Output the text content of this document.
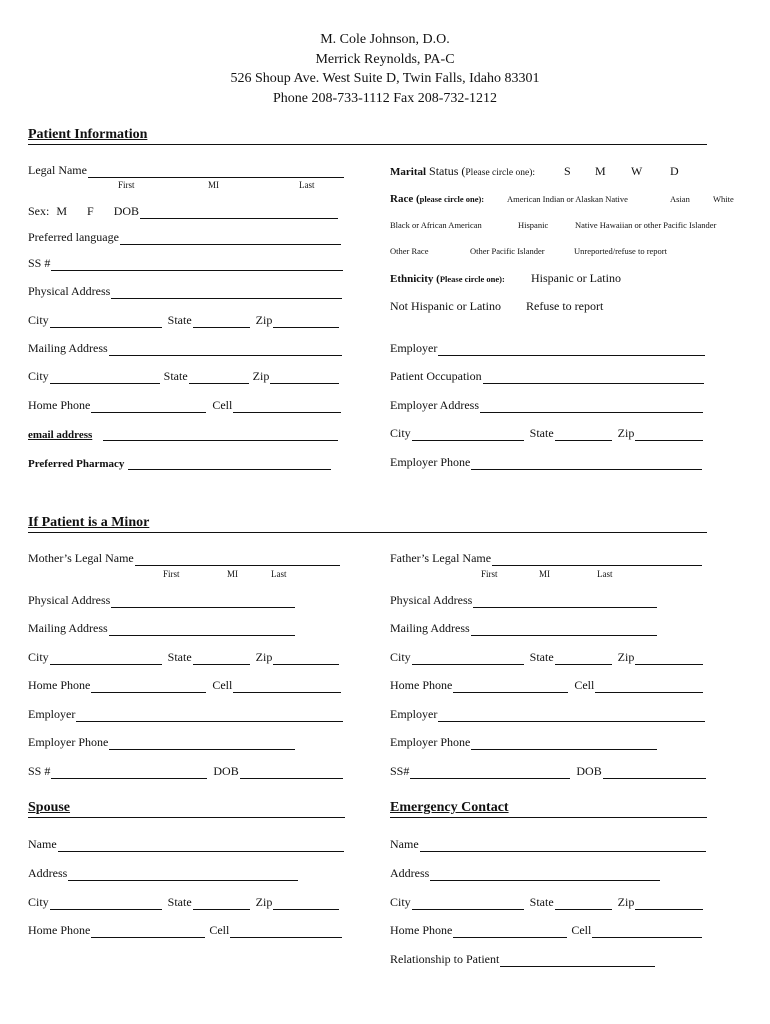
M. Cole Johnson, D.O.
Merrick Reynolds, PA-C
526 Shoup Ave. West Suite D, Twin Falls, Idaho 83301
Phone 208-733-1112 Fax 208-732-1212
Patient Information
Legal Name
First	MI	Last
Sex: M F DOB
Preferred language
SS #
Physical Address
City	State	Zip
Mailing Address
City	State	Zip
Home Phone	Cell
email address
Preferred Pharmacy
Marital Status (Please circle one): S M W D
Race (please circle one):	American Indian or Alaskan Native	Asian	White
Black or African American	Hispanic	Native Hawaiian or other Pacific Islander
Other Race	Other Pacific Islander	Unreported/refuse to report
Ethnicity (Please circle one): Hispanic or Latino
Not Hispanic or Latino Refuse to report
Employer
Patient Occupation
Employer Address
City	State	Zip
Employer Phone
If Patient is a Minor
Mother’s Legal Name
First	MI	Last
Physical Address
Mailing Address
City	State	Zip
Home Phone	Cell
Employer
Employer Phone
SS #	DOB
Father’s Legal Name
First	MI	Last
Physical Address
Mailing Address
City	State	Zip
Home Phone	Cell
Employer
Employer Phone
SS#	DOB
Spouse
Name
Address
City	State	Zip
Home Phone	Cell
Emergency Contact
Name
Address
City	State	Zip
Home Phone	Cell
Relationship to Patient
